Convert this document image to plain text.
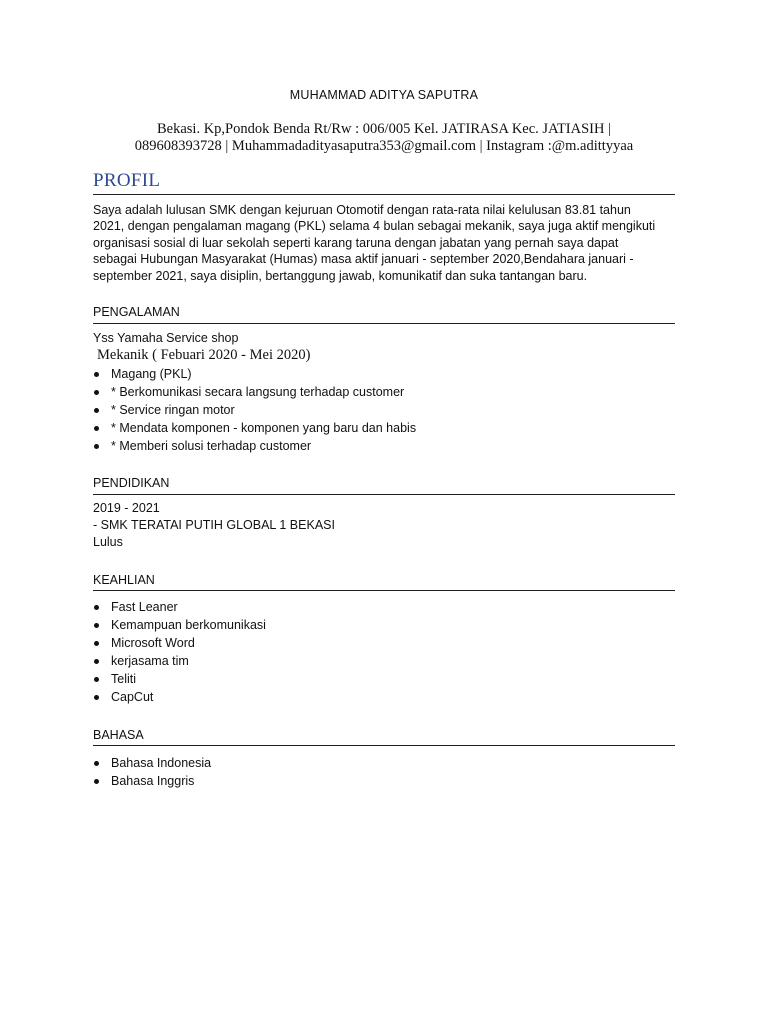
MUHAMMAD ADITYA SAPUTRA
Bekasi. Kp,Pondok Benda Rt/Rw : 006/005 Kel. JATIRASA Kec. JATIASIH |
089608393728 | Muhammadadityasaputra353@gmail.com | Instagram :@m.adittyyaa
PROFIL
Saya adalah lulusan SMK dengan kejuruan Otomotif dengan rata-rata nilai kelulusan 83.81 tahun
2021, dengan pengalaman magang (PKL) selama 4 bulan sebagai mekanik, saya juga aktif mengikuti
organisasi sosial di luar sekolah seperti karang taruna dengan jabatan yang pernah saya dapat
sebagai Hubungan Masyarakat (Humas) masa aktif januari - september 2020,Bendahara januari -
september 2021, saya disiplin, bertanggung jawab, komunikatif dan suka tantangan baru.
PENGALAMAN
Yss Yamaha Service shop
Mekanik ( Febuari 2020 - Mei 2020)
Magang (PKL)
* Berkomunikasi secara langsung terhadap customer
* Service ringan motor
* Mendata komponen - komponen yang baru dan habis
* Memberi solusi terhadap customer
PENDIDIKAN
2019 - 2021
- SMK TERATAI PUTIH GLOBAL 1 BEKASI
Lulus
KEAHLIAN
Fast Leaner
Kemampuan berkomunikasi
Microsoft Word
kerjasama tim
Teliti
CapCut
BAHASA
Bahasa Indonesia
Bahasa Inggris
